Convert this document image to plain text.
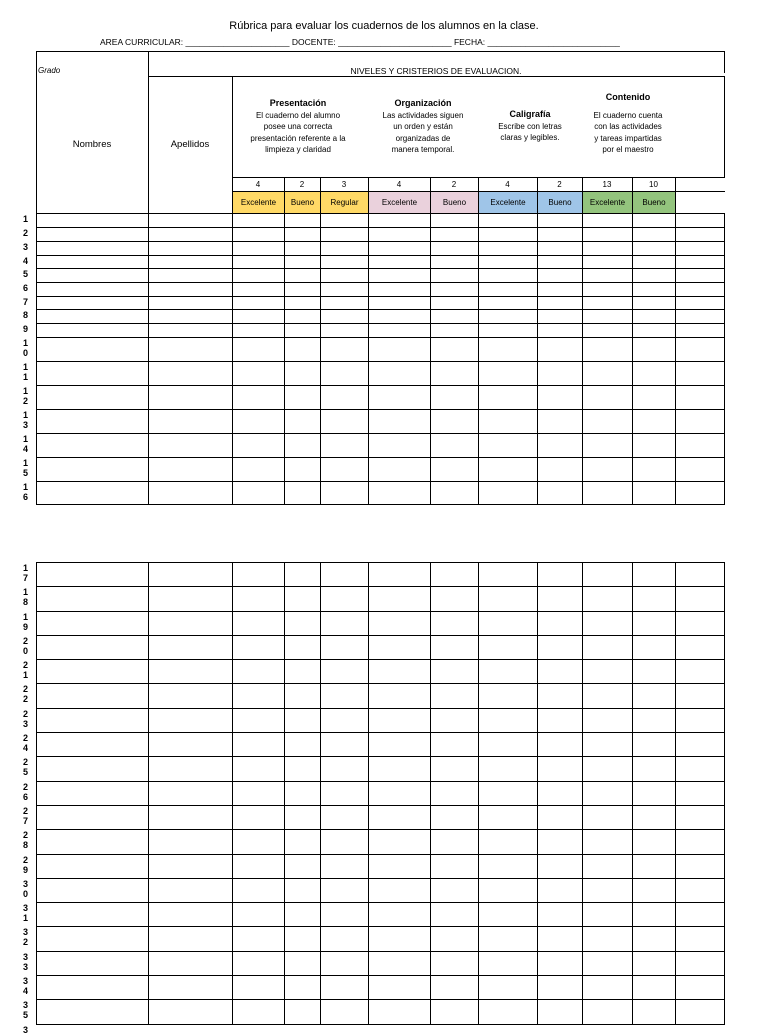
Rúbrica para evaluar los cuadernos de los alumnos en la clase.
AREA CURRICULAR: ______________________ DOCENTE: ________________________ FECHA: ____________________________
Grado	NIVELES Y CRISTERIOS DE EVALUACION.
Nombres	Apellidos
Presentación
El cuaderno del alumno
posee una correcta
presentación referente a la
limpieza y claridad
Organización
Las actividades siguen
un orden y están
organizadas de
manera temporal.
Caligrafía
Escribe con letras
claras y legibles.
Contenido
El cuaderno cuenta
con las actividades
y tareas impartidas
por el maestro
4
Excelente
2
Bueno
3
Regular
4
Excelente
2
Bueno
4
Excelente
2
Bueno
13
Excelente
10
Bueno
1
2
3
4
5
6
7
8
9
1
0
1
1
1
2
1
3
1
4
1
5
1
6
1
7
1
8
1
9
2
0
2
1
2
2
2
3
2
4
2
5
2
6
2
7
2
8
2
9
3
0
3
1
3
2
3
3
3
4
3
5
3
